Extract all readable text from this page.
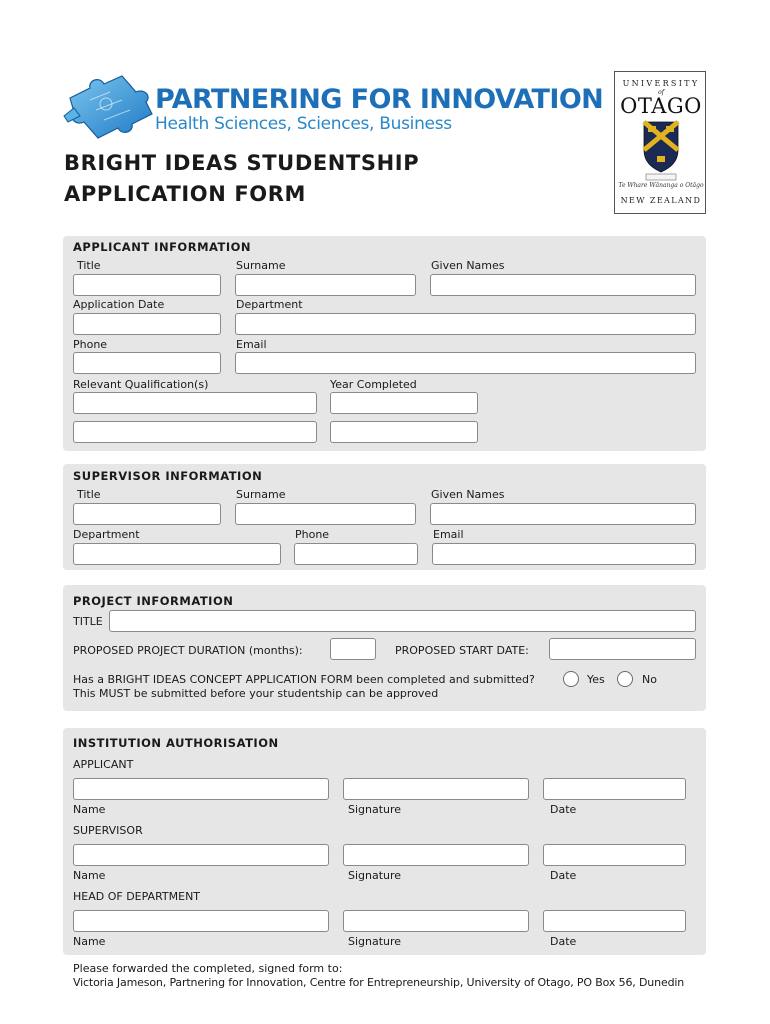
PARTNERING FOR INNOVATION
Health Sciences, Sciences, Business
UNIVERSITY
of
OTAGO
Te Whare Wānanga o Otāgo
NEW ZEALAND
BRIGHT IDEAS STUDENTSHIP
APPLICATION FORM
APPLICANT INFORMATION
Title	Surname	Given Names
Application Date	Department
Phone	Email
Relevant Qualification(s)	Year Completed
SUPERVISOR INFORMATION
Title	Surname	Given Names
Department	Phone	Email
PROJECT INFORMATION
TITLE
PROPOSED PROJECT DURATION (months):	PROPOSED START DATE:
Has a BRIGHT IDEAS CONCEPT APPLICATION FORM been completed and submitted?
This MUST be submitted before your studentship can be approved
Yes	No
INSTITUTION AUTHORISATION
APPLICANT
Name	Signature	Date
SUPERVISOR
Name	Signature	Date
HEAD OF DEPARTMENT
Name	Signature	Date
Please forwarded the completed, signed form to:
Victoria Jameson, Partnering for Innovation, Centre for Entrepreneurship, University of Otago, PO Box 56, Dunedin
